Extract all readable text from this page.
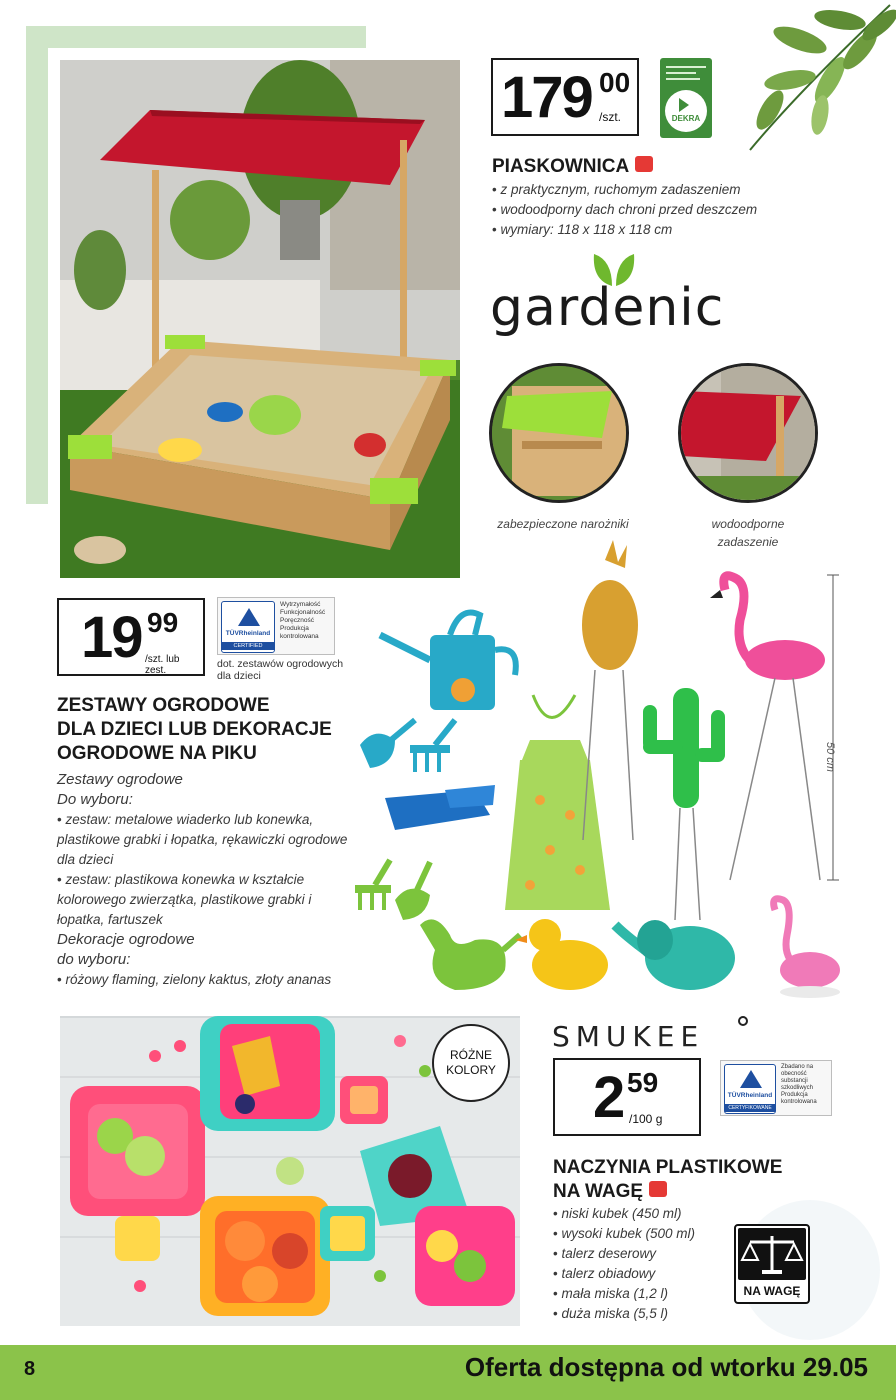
179 00
/szt.	DEKRA
PIASKOWNICA
• z praktycznym, ruchomym zadaszeniem
• wodoodporny dach chroni przed deszczem
• wymiary: 118 x 118 x 118 cm
gardenic
zabezpieczone narożniki	wodoodporne zadaszenie
19 99
/szt. lub zest.
TÜVRheinland
CERTIFIED
Wytrzymałość
Funkcjonalność
Poręczność
Produkcja
kontrolowana
dot. zestawów ogrodowych dla dzieci
ZESTAWY OGRODOWE
DLA DZIECI LUB DEKORACJE
OGRODOWE NA PIKU
Zestawy ogrodowe
Do wyboru:
• zestaw: metalowe wiaderko lub konewka, plastikowe grabki i łopatka, rękawiczki ogrodowe dla dzieci
• zestaw: plastikowa konewka w kształcie kolorowego zwierzątka, plastikowe grabki i łopatka, fartuszek
Dekoracje ogrodowe
do wyboru:
• różowy flaming, zielony kaktus, złoty ananas
50 cm
RÓŻNE
KOLORY
SMUKEE
2 59
/100 g
TÜVRheinland
CERTYFIKOWANE
Zbadano na
obecność
substancji
szkodliwych
Produkcja
kontrolowana
NACZYNIA PLASTIKOWE
NA WAGĘ
• niski kubek (450 ml)
• wysoki kubek (500 ml)
• talerz deserowy
• talerz obiadowy
• mała miska (1,2 l)
• duża miska (5,5 l)
NA WAGĘ
8	Oferta dostępna od wtorku 29.05
